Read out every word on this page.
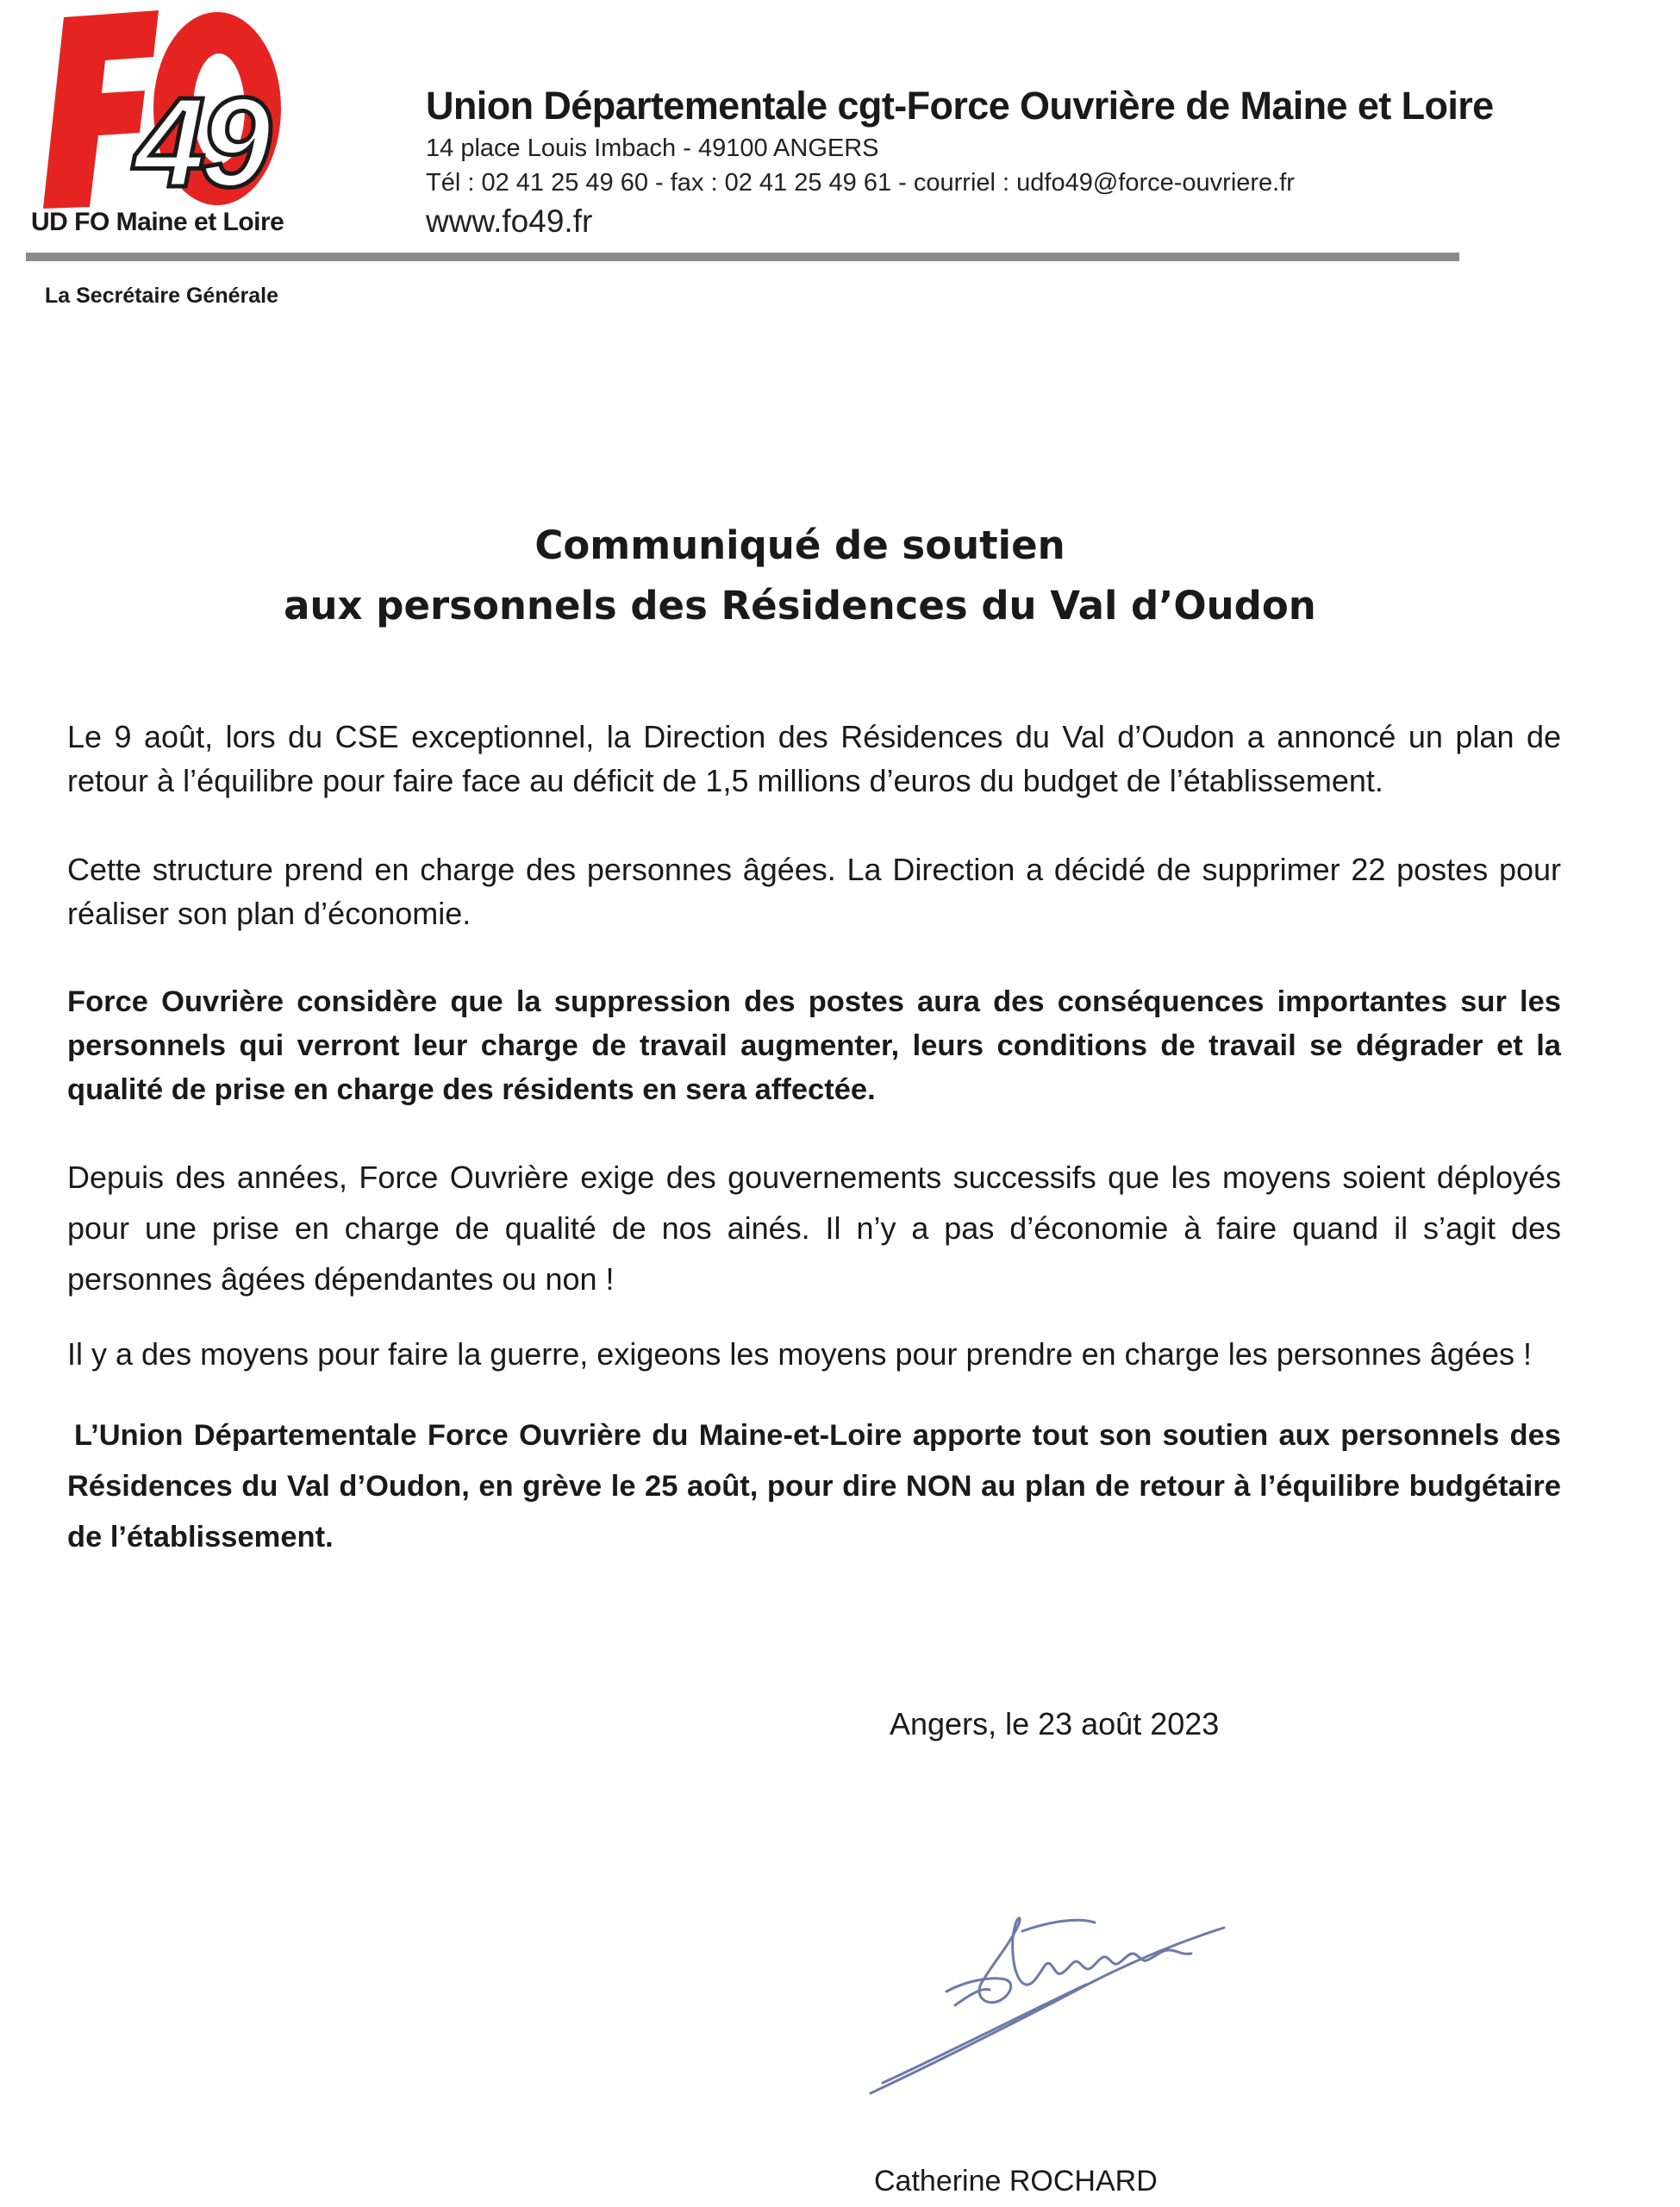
49
UD FO Maine et Loire
Union Départementale cgt-Force Ouvrière de Maine et Loire
14 place Louis Imbach - 49100 ANGERS
Tél : 02 41 25 49 60 - fax : 02 41 25 49 61 - courriel : udfo49@force-ouvriere.fr
www.fo49.fr
La Secrétaire Générale
Communiqué de soutien
aux personnels des Résidences du Val d’Oudon
Le 9 août, lors du CSE exceptionnel, la Direction des Résidences du Val d’Oudon a annoncé un plan de retour à l’équilibre pour faire face au déficit de 1,5 millions d’euros du budget de l’établissement.
Cette structure prend en charge des personnes âgées. La Direction a décidé de supprimer 22 postes pour réaliser son plan d’économie.
Force Ouvrière considère que la suppression des postes aura des conséquences importantes sur les personnels qui verront leur charge de travail augmenter, leurs conditions de travail se dégrader et la qualité de prise en charge des résidents en sera affectée.
Depuis des années, Force Ouvrière exige des gouvernements successifs que les moyens soient déployés pour une prise en charge de qualité de nos ainés. Il n’y a pas d’économie à faire quand il s’agit des personnes âgées dépendantes ou non !
Il y a des moyens pour faire la guerre, exigeons les moyens pour prendre en charge les personnes âgées !
L’Union Départementale Force Ouvrière du Maine-et-Loire apporte tout son soutien aux personnels des Résidences du Val d’Oudon, en grève le 25 août, pour dire NON au plan de retour à l’équilibre budgétaire de l’établissement.
Angers, le 23 août 2023
Catherine ROCHARD
